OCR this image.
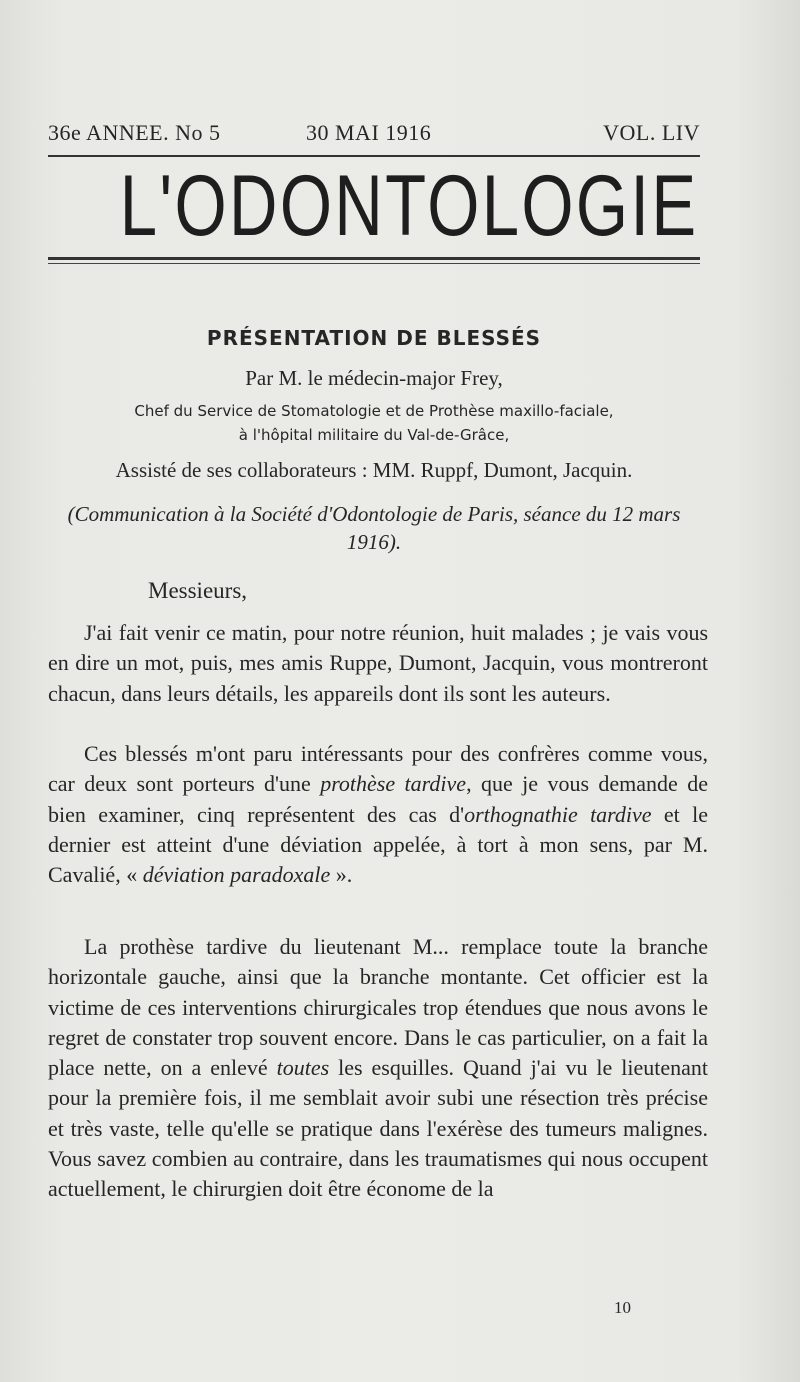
36e ANNEE. No 5	30 MAI 1916	VOL. LIV
L'ODONTOLOGIE
PRÉSENTATION DE BLESSÉS
Par M. le médecin-major Frey,
Chef du Service de Stomatologie et de Prothèse maxillo-faciale,
à l'hôpital militaire du Val-de-Grâce,
Assisté de ses collaborateurs : MM. Ruppf, Dumont, Jacquin.
(Communication à la Société d'Odontologie de Paris, séance du 12 mars 1916).
Messieurs,
J'ai fait venir ce matin, pour notre réunion, huit malades ; je vais vous en dire un mot, puis, mes amis Ruppe, Dumont, Jacquin, vous montreront chacun, dans leurs détails, les appareils dont ils sont les auteurs.
Ces blessés m'ont paru intéressants pour des confrères comme vous, car deux sont porteurs d'une prothèse tardive, que je vous demande de bien examiner, cinq représentent des cas d'orthognathie tardive et le dernier est atteint d'une déviation appelée, à tort à mon sens, par M. Cavalié, « déviation paradoxale ».
La prothèse tardive du lieutenant M... remplace toute la branche horizontale gauche, ainsi que la branche montante. Cet officier est la victime de ces interventions chirurgicales trop étendues que nous avons le regret de constater trop souvent encore. Dans le cas particulier, on a fait la place nette, on a enlevé toutes les esquilles. Quand j'ai vu le lieutenant pour la première fois, il me semblait avoir subi une résection très précise et très vaste, telle qu'elle se pratique dans l'exérèse des tumeurs malignes. Vous savez combien au contraire, dans les traumatismes qui nous occupent actuellement, le chirurgien doit être économe de la
10
